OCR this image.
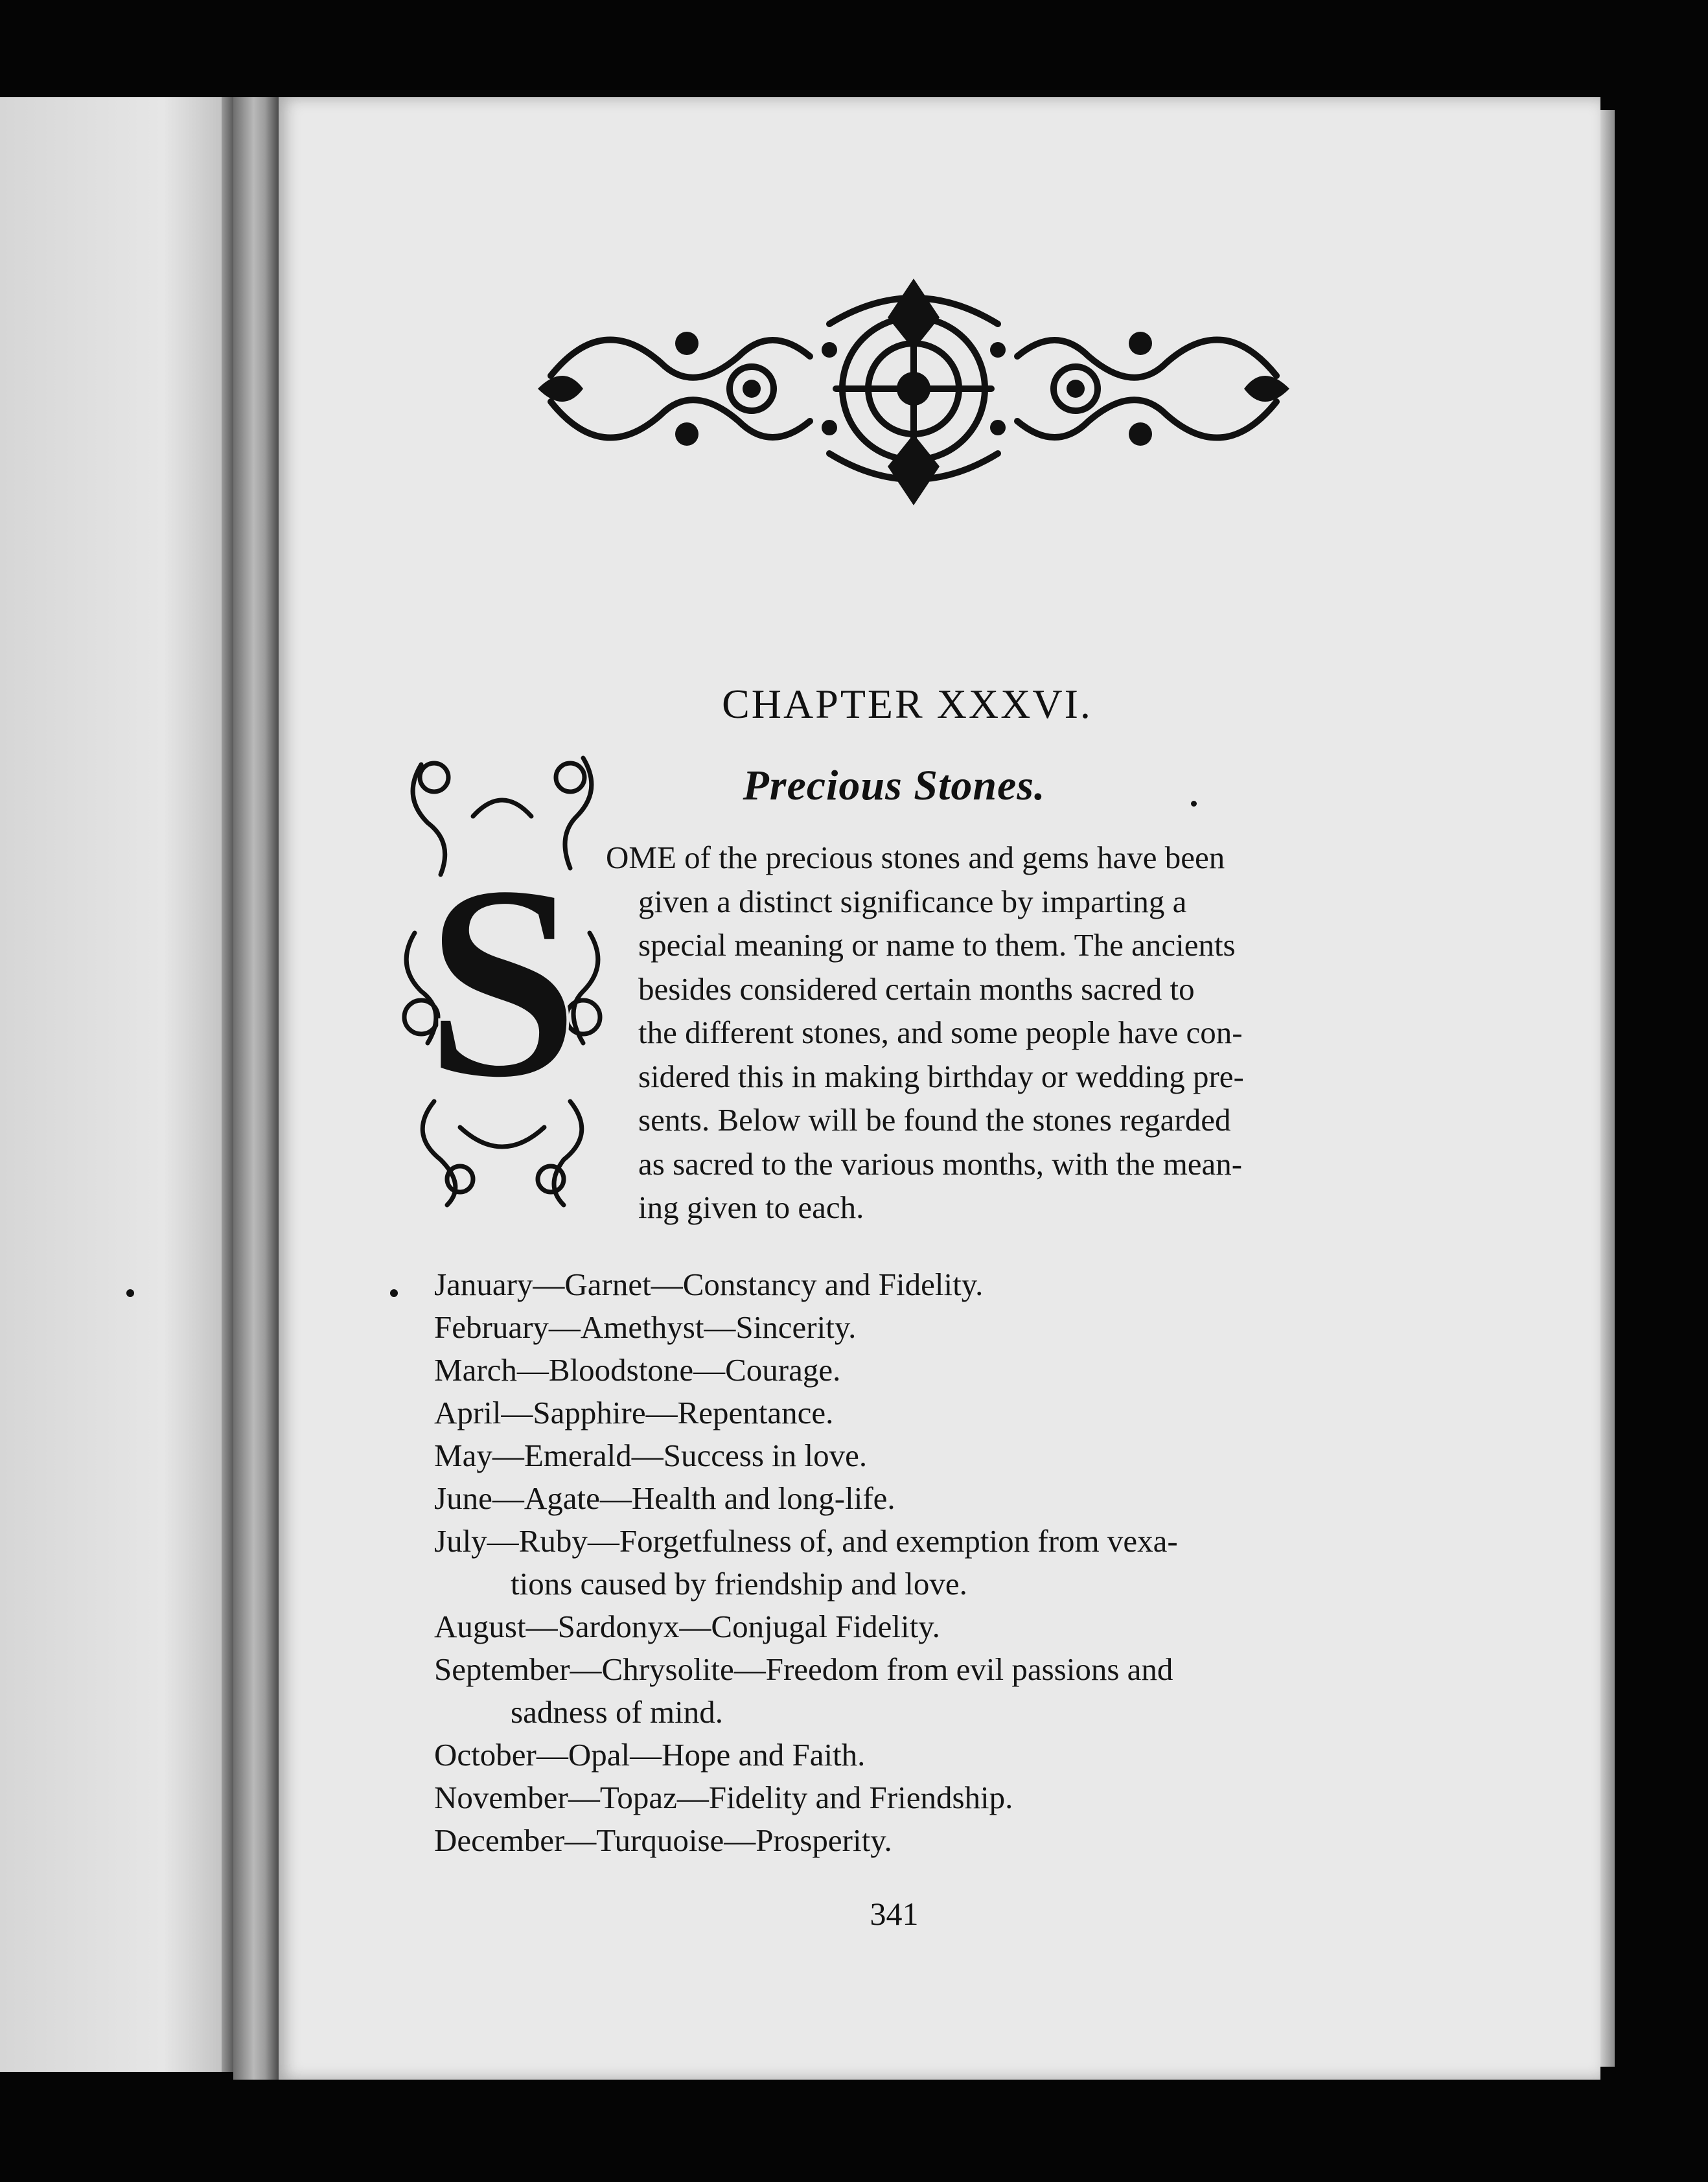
CHAPTER XXXVI.
Precious Stones.
S OME of the precious stones and gems have been
given a distinct significance by imparting a
special meaning or name to them. The ancients
besides considered certain months sacred to
the different stones, and some people have con-
sidered this in making birthday or wedding pre-
sents. Below will be found the stones regarded
as sacred to the various months, with the mean-
ing given to each.
January—Garnet—Constancy and Fidelity.
February—Amethyst—Sincerity.
March—Bloodstone—Courage.
April—Sapphire—Repentance.
May—Emerald—Success in love.
June—Agate—Health and long-life.
July—Ruby—Forgetfulness of, and exemption from vexa-
tions caused by friendship and love.
August—Sardonyx—Conjugal Fidelity.
September—Chrysolite—Freedom from evil passions and
sadness of mind.
October—Opal—Hope and Faith.
November—Topaz—Fidelity and Friendship.
December—Turquoise—Prosperity.
341
